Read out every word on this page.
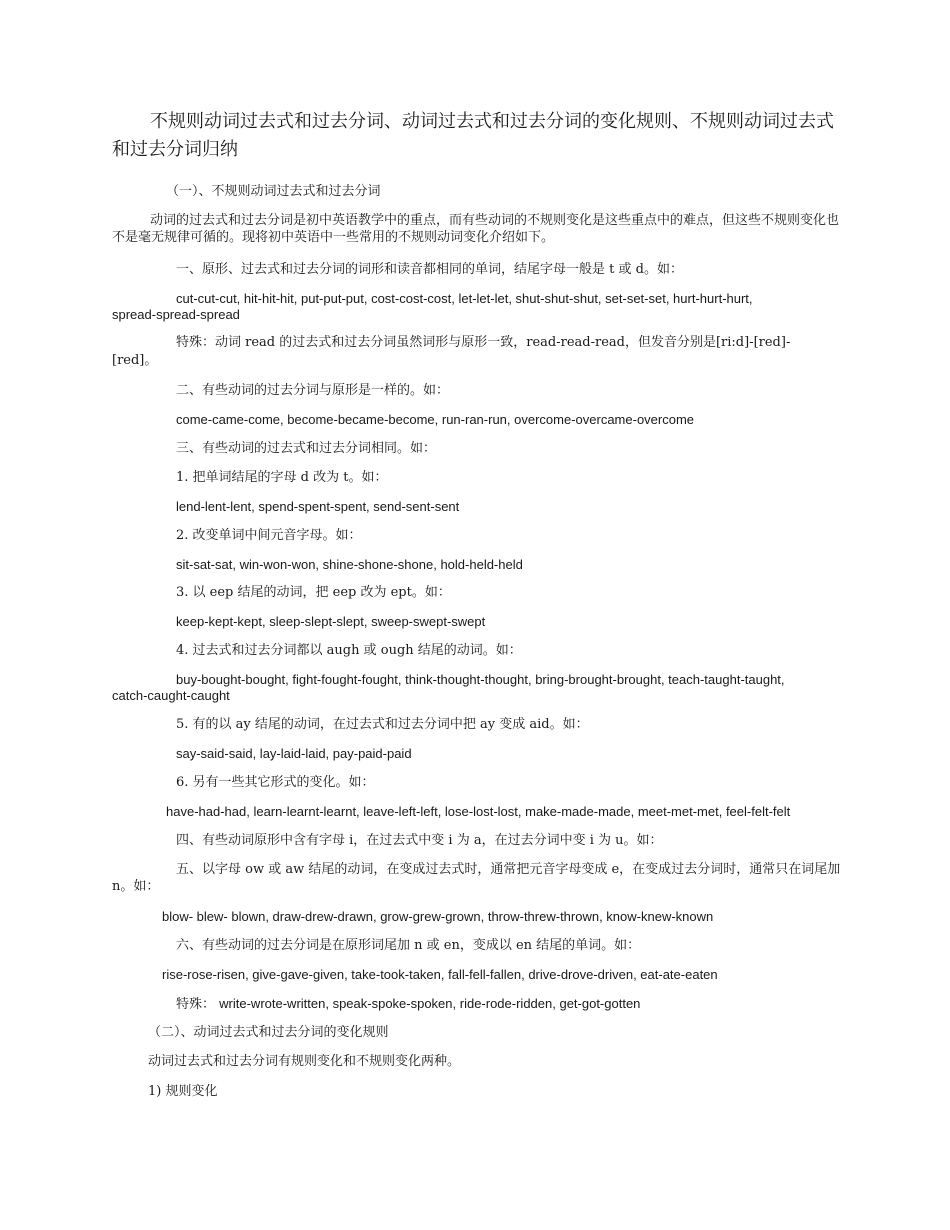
不规则动词过去式和过去分词、动词过去式和过去分词的变化规则、不规则动词过去式和过去分词归纳
（一）、不规则动词过去式和过去分词
动词的过去式和过去分词是初中英语教学中的重点，而有些动词的不规则变化是这些重点中的难点，但这些不规则变化也不是毫无规律可循的。现将初中英语中一些常用的不规则动词变化介绍如下。
一、原形、过去式和过去分词的词形和读音都相同的单词，结尾字母一般是 t 或 d。如：
cut-cut-cut, hit-hit-hit, put-put-put, cost-cost-cost, let-let-let, shut-shut-shut, set-set-set, hurt-hurt-hurt,
spread-spread-spread
特殊：动词 read 的过去式和过去分词虽然词形与原形一致，read-read-read，但发音分别是[ri:d]-[red]-
[red]。
二、有些动词的过去分词与原形是一样的。如：
come-came-come, become-became-become, run-ran-run, overcome-overcame-overcome
三、有些动词的过去式和过去分词相同。如：
1. 把单词结尾的字母 d 改为 t。如：
lend-lent-lent, spend-spent-spent, send-sent-sent
2. 改变单词中间元音字母。如：
sit-sat-sat, win-won-won, shine-shone-shone, hold-held-held
3. 以 eep 结尾的动词，把 eep 改为 ept。如：
keep-kept-kept, sleep-slept-slept, sweep-swept-swept
4. 过去式和过去分词都以 augh 或 ough 结尾的动词。如：
buy-bought-bought, fight-fought-fought, think-thought-thought, bring-brought-brought, teach-taught-taught,
catch-caught-caught
5. 有的以 ay 结尾的动词，在过去式和过去分词中把 ay 变成 aid。如：
say-said-said, lay-laid-laid, pay-paid-paid
6. 另有一些其它形式的变化。如：
have-had-had, learn-learnt-learnt, leave-left-left, lose-lost-lost, make-made-made, meet-met-met, feel-felt-felt
四、有些动词原形中含有字母 i，在过去式中变 i 为 a，在过去分词中变 i 为 u。如：
五、以字母 ow 或 aw 结尾的动词，在变成过去式时，通常把元音字母变成 e，在变成过去分词时，通常只在词尾加 n。如：
blow- blew- blown, draw-drew-drawn, grow-grew-grown, throw-threw-thrown, know-knew-known
六、有些动词的过去分词是在原形词尾加 n 或 en，变成以 en 结尾的单词。如：
rise-rose-risen, give-gave-given, take-took-taken, fall-fell-fallen, drive-drove-driven, eat-ate-eaten
特殊： write-wrote-written, speak-spoke-spoken, ride-rode-ridden, get-got-gotten
（二）、动词过去式和过去分词的变化规则
动词过去式和过去分词有规则变化和不规则变化两种。
1) 规则变化
